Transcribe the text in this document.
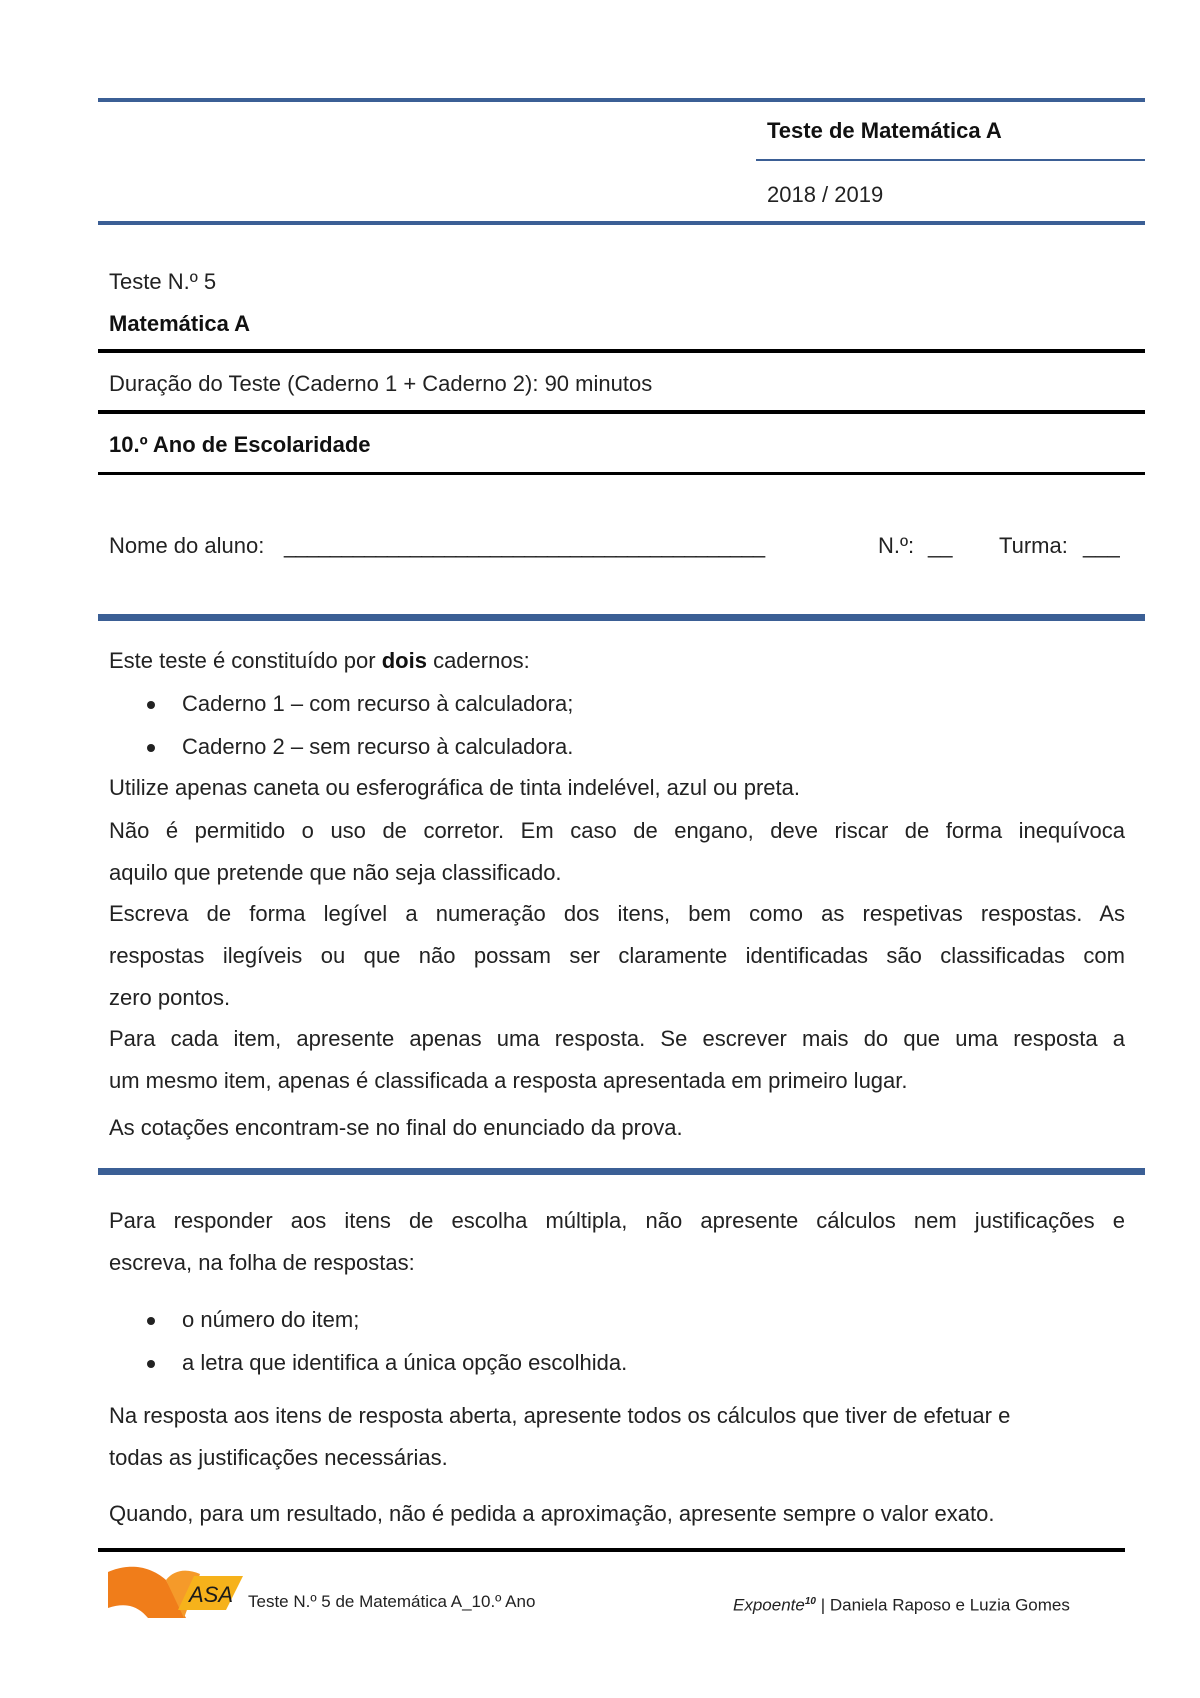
Teste de Matemática A
2018 / 2019
Teste N.º 5
Matemática A
Duração do Teste (Caderno 1 + Caderno 2): 90 minutos
10.º Ano de Escolaridade
Nome do aluno: __________________________________________	N.º: __ Turma: ___
Este teste é constituído por dois cadernos:
Caderno 1 – com recurso à calculadora;
Caderno 2 – sem recurso à calculadora.
Utilize apenas caneta ou esferográfica de tinta indelével, azul ou preta.
Não é permitido o uso de corretor. Em caso de engano, deve riscar de forma inequívoca
aquilo que pretende que não seja classificado.
Escreva de forma legível a numeração dos itens, bem como as respetivas respostas. As
respostas ilegíveis ou que não possam ser claramente identificadas são classificadas com
zero pontos.
Para cada item, apresente apenas uma resposta. Se escrever mais do que uma resposta a
um mesmo item, apenas é classificada a resposta apresentada em primeiro lugar.
As cotações encontram-se no final do enunciado da prova.
Para responder aos itens de escolha múltipla, não apresente cálculos nem justificações e
escreva, na folha de respostas:
o número do item;
a letra que identifica a única opção escolhida.
Na resposta aos itens de resposta aberta, apresente todos os cálculos que tiver de efetuar e
todas as justificações necessárias.
Quando, para um resultado, não é pedida a aproximação, apresente sempre o valor exato.
ASA Teste N.º 5 de Matemática A_10.º Ano	Expoente$^{10}$ | Daniela Raposo e Luzia Gomes
